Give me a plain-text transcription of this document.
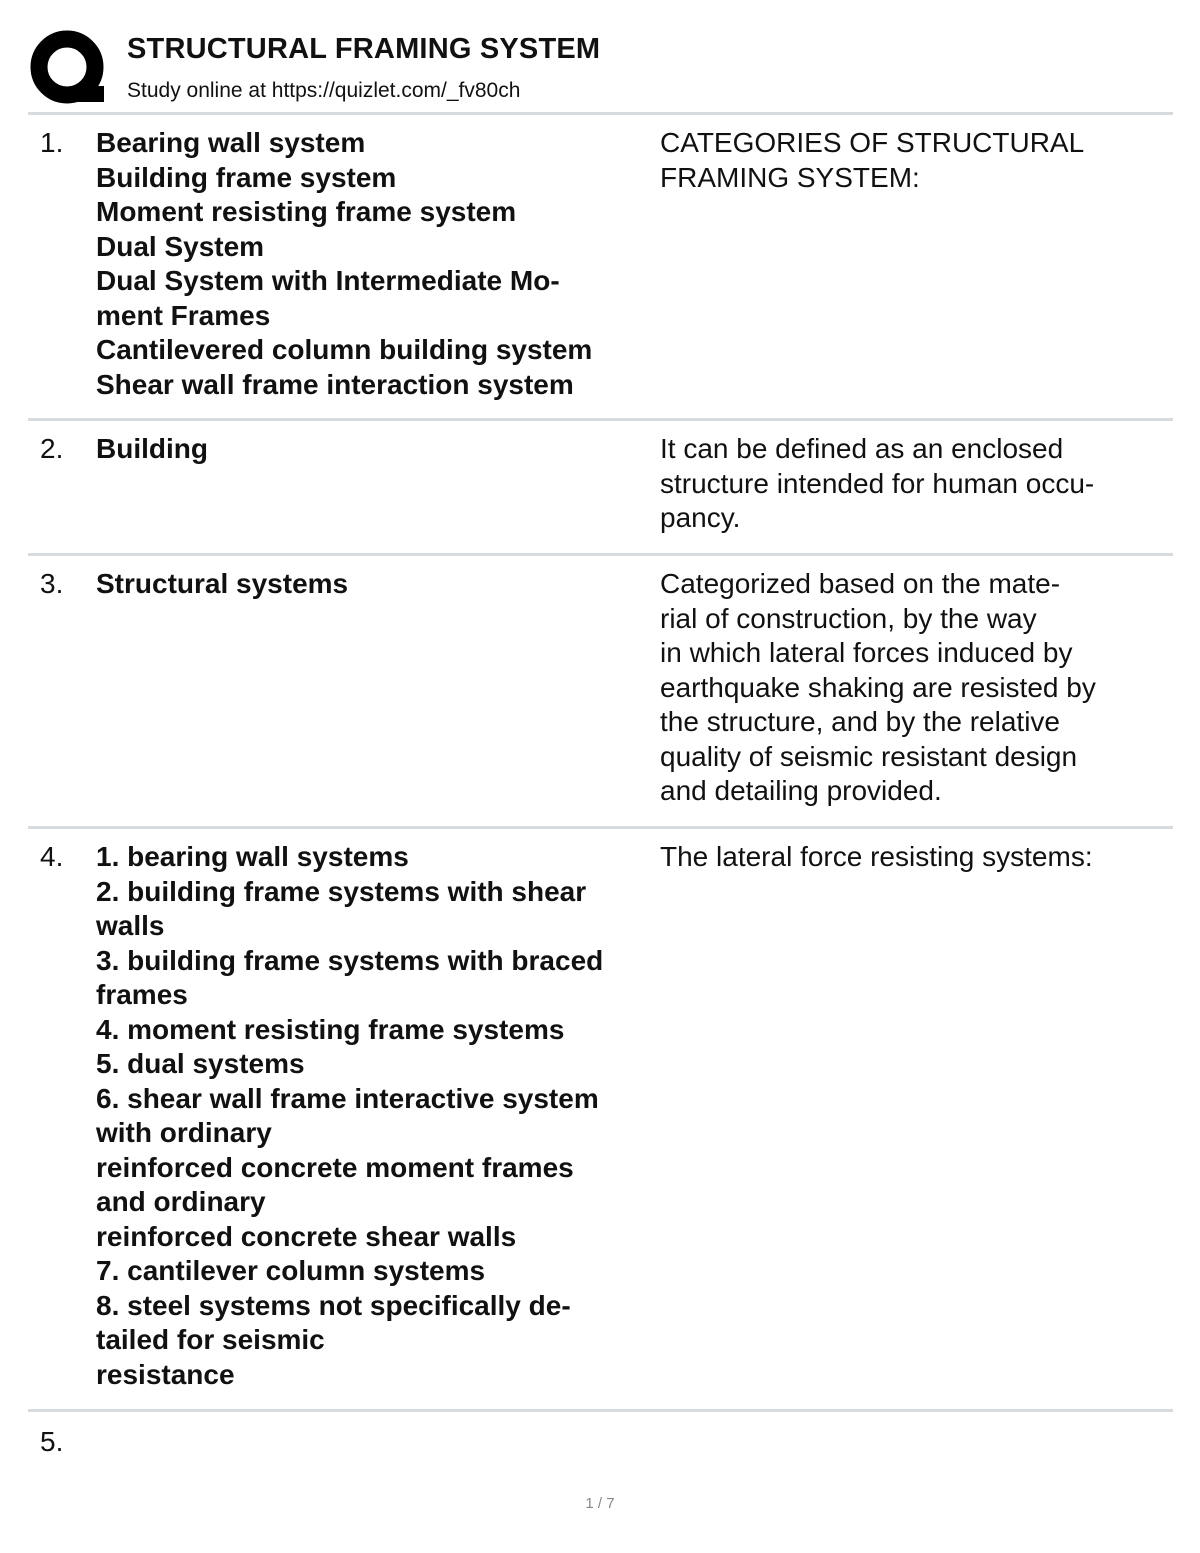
STRUCTURAL FRAMING SYSTEM
Study online at https://quizlet.com/_fv80ch
1. Bearing wall system
Building frame system
Moment resisting frame system
Dual System
Dual System with Intermediate Mo-
ment Frames
Cantilevered column building system
Shear wall frame interaction system
CATEGORIES OF STRUCTURAL
FRAMING SYSTEM:
2. Building	It can be defined as an enclosed
structure intended for human occu-
pancy.
3. Structural systems	Categorized based on the mate-
rial of construction, by the way
in which lateral forces induced by
earthquake shaking are resisted by
the structure, and by the relative
quality of seismic resistant design
and detailing provided.
4. 1. bearing wall systems
2. building frame systems with shear
walls
3. building frame systems with braced
frames
4. moment resisting frame systems
5. dual systems
6. shear wall frame interactive system
with ordinary
reinforced concrete moment frames
and ordinary
reinforced concrete shear walls
7. cantilever column systems
8. steel systems not specifically de-
tailed for seismic
resistance
The lateral force resisting systems:
5.
1 / 7
